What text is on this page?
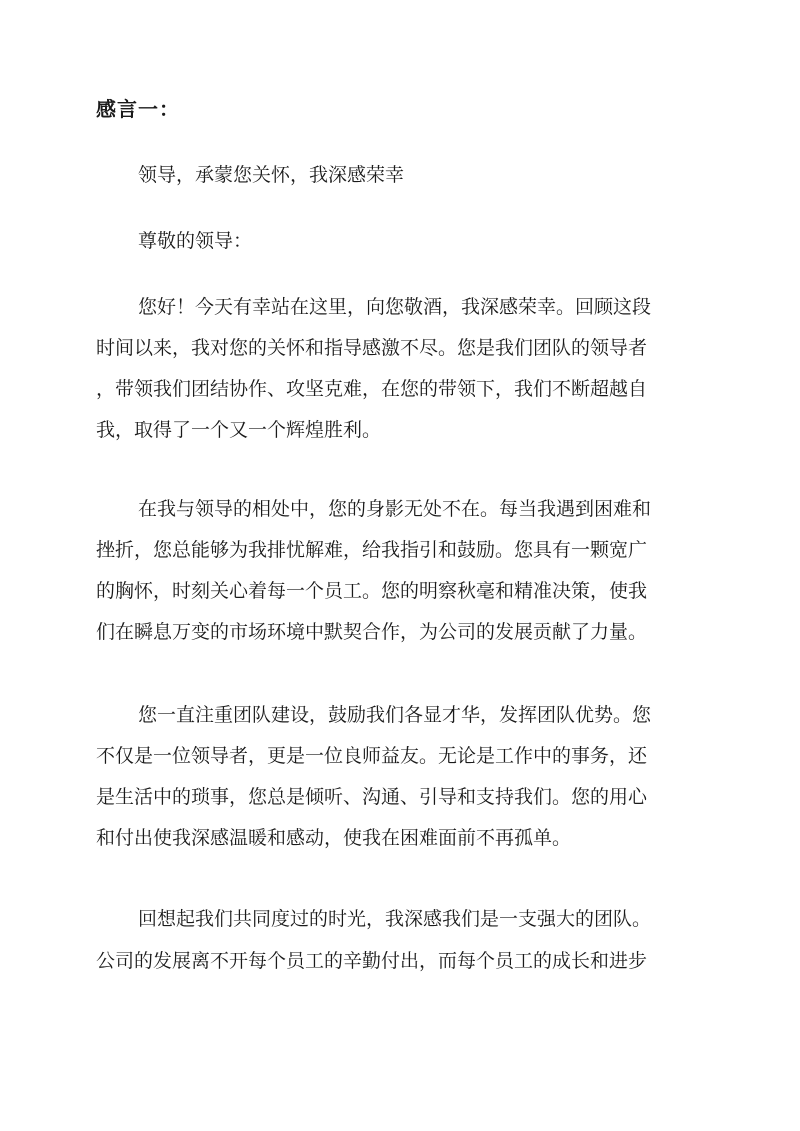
感言一：
领导，承蒙您关怀，我深感荣幸
尊敬的领导：
您好！今天有幸站在这里，向您敬酒，我深感荣幸。回顾这段
时间以来，我对您的关怀和指导感激不尽。您是我们团队的领导者
，带领我们团结协作、攻坚克难，在您的带领下，我们不断超越自
我，取得了一个又一个辉煌胜利。
在我与领导的相处中，您的身影无处不在。每当我遇到困难和
挫折，您总能够为我排忧解难，给我指引和鼓励。您具有一颗宽广
的胸怀，时刻关心着每一个员工。您的明察秋毫和精准决策，使我
们在瞬息万变的市场环境中默契合作，为公司的发展贡献了力量。
您一直注重团队建设，鼓励我们各显才华，发挥团队优势。您
不仅是一位领导者，更是一位良师益友。无论是工作中的事务，还
是生活中的琐事，您总是倾听、沟通、引导和支持我们。您的用心
和付出使我深感温暖和感动，使我在困难面前不再孤单。
回想起我们共同度过的时光，我深感我们是一支强大的团队。
公司的发展离不开每个员工的辛勤付出，而每个员工的成长和进步
